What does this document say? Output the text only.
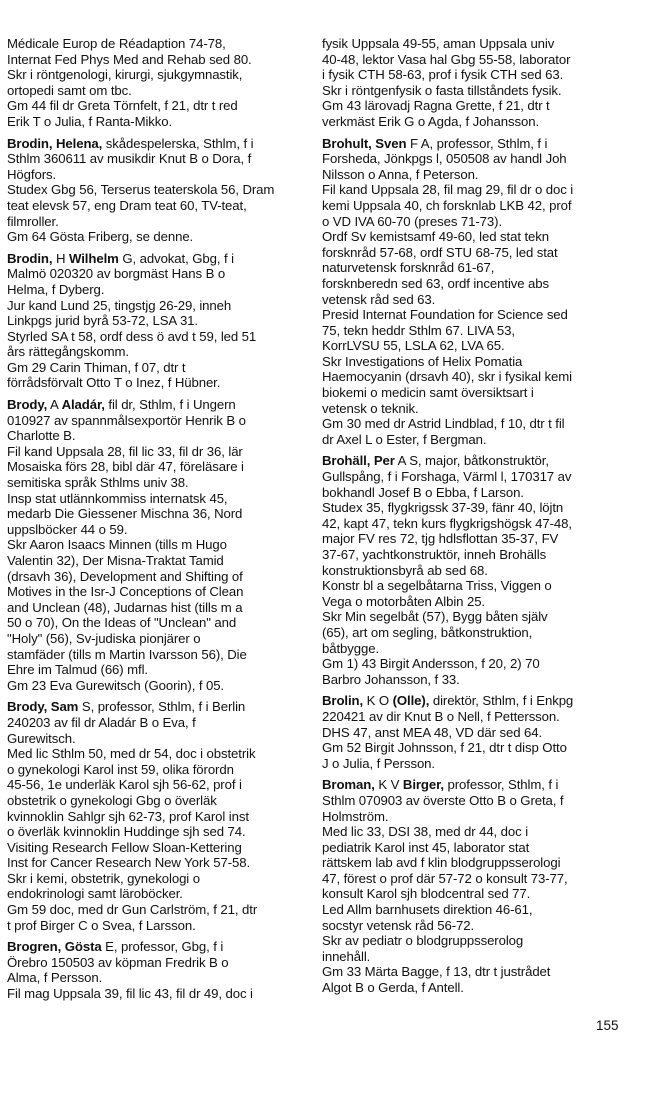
Médicale Europ de Réadaption 74-78,
Internat Fed Phys Med and Rehab sed 80.
Skr i röntgenologi, kirurgi, sjukgymnastik,
ortopedi samt om tbc.
Gm 44 fil dr Greta Törnfelt, f 21, dtr t red
Erik T o Julia, f Ranta-Mikko.
Brodin, Helena, skådespelerska, Sthlm, f i
Sthlm 360611 av musikdir Knut B o Dora, f
Högfors.
Studex Gbg 56, Terserus teaterskola 56, Dram
teat elevsk 57, eng Dram teat 60, TV-teat,
filmroller.
Gm 64 Gösta Friberg, se denne.
Brodin, H Wilhelm G, advokat, Gbg, f i
Malmö 020320 av borgmäst Hans B o
Helma, f Dyberg.
Jur kand Lund 25, tingstjg 26-29, inneh
Linkpgs jurid byrå 53-72, LSA 31.
Styrled SA t 58, ordf dess ö avd t 59, led 51
års rättegångskomm.
Gm 29 Carin Thiman, f 07, dtr t
förrådsförvalt Otto T o Inez, f Hübner.
Brody, A Aladár, fil dr, Sthlm, f i Ungern
010927 av spannmålsexportör Henrik B o
Charlotte B.
Fil kand Uppsala 28, fil lic 33, fil dr 36, lär
Mosaiska förs 28, bibl där 47, föreläsare i
semitiska språk Sthlms univ 38.
Insp stat utlännkommiss internatsk 45,
medarb Die Giessener Mischna 36, Nord
uppslböcker 44 o 59.
Skr Aaron Isaacs Minnen (tills m Hugo
Valentin 32), Der Misna-Traktat Tamid
(drsavh 36), Development and Shifting of
Motives in the Isr-J Conceptions of Clean
and Unclean (48), Judarnas hist (tills m a
50 o 70), On the Ideas of "Unclean" and
"Holy" (56), Sv-judiska pionjärer o
stamfäder (tills m Martin Ivarsson 56), Die
Ehre im Talmud (66) mfl.
Gm 23 Eva Gurewitsch (Goorin), f 05.
Brody, Sam S, professor, Sthlm, f i Berlin
240203 av fil dr Aladár B o Eva, f
Gurewitsch.
Med lic Sthlm 50, med dr 54, doc i obstetrik
o gynekologi Karol inst 59, olika förordn
45-56, 1e underläk Karol sjh 56-62, prof i
obstetrik o gynekologi Gbg o överläk
kvinnoklin Sahlgr sjh 62-73, prof Karol inst
o överläk kvinnoklin Huddinge sjh sed 74.
Visiting Research Fellow Sloan-Kettering
Inst for Cancer Research New York 57-58.
Skr i kemi, obstetrik, gynekologi o
endokrinologi samt läroböcker.
Gm 59 doc, med dr Gun Carlström, f 21, dtr
t prof Birger C o Svea, f Larsson.
Brogren, Gösta E, professor, Gbg, f i
Örebro 150503 av köpman Fredrik B o
Alma, f Persson.
Fil mag Uppsala 39, fil lic 43, fil dr 49, doc i
fysik Uppsala 49-55, aman Uppsala univ
40-48, lektor Vasa hal Gbg 55-58, laborator
i fysik CTH 58-63, prof i fysik CTH sed 63.
Skr i röntgenfysik o fasta tillståndets fysik.
Gm 43 lärovadj Ragna Grette, f 21, dtr t
verkmäst Erik G o Agda, f Johansson.
Brohult, Sven F A, professor, Sthlm, f i
Forsheda, Jönkpgs l, 050508 av handl Joh
Nilsson o Anna, f Peterson.
Fil kand Uppsala 28, fil mag 29, fil dr o doc i
kemi Uppsala 40, ch forsknlab LKB 42, prof
o VD IVA 60-70 (preses 71-73).
Ordf Sv kemistsamf 49-60, led stat tekn
forsknråd 57-68, ordf STU 68-75, led stat
naturvetensk forsknråd 61-67,
forsknberedn sed 63, ordf incentive abs
vetensk råd sed 63.
Presid Internat Foundation for Science sed
75, tekn heddr Sthlm 67. LIVA 53,
KorrLVSU 55, LSLA 62, LVA 65.
Skr Investigations of Helix Pomatia
Haemocyanin (drsavh 40), skr i fysikal kemi
biokemi o medicin samt översiktsart i
vetensk o teknik.
Gm 30 med dr Astrid Lindblad, f 10, dtr t fil
dr Axel L o Ester, f Bergman.
Brohäll, Per A S, major, båtkonstruktör,
Gullspång, f i Forshaga, Värml l, 170317 av
bokhandl Josef B o Ebba, f Larson.
Studex 35, flygkrigssk 37-39, fänr 40, löjtn
42, kapt 47, tekn kurs flygkrigshögsk 47-48,
major FV res 72, tjg hdlsflottan 35-37, FV
37-67, yachtkonstruktör, inneh Brohälls
konstruktionsbyrå ab sed 68.
Konstr bl a segelbåtarna Triss, Viggen o
Vega o motorbåten Albin 25.
Skr Min segelbåt (57), Bygg båten själv
(65), art om segling, båtkonstruktion,
båtbygge.
Gm 1) 43 Birgit Andersson, f 20, 2) 70
Barbro Johansson, f 33.
Brolin, K O (Olle), direktör, Sthlm, f i Enkpg
220421 av dir Knut B o Nell, f Pettersson.
DHS 47, anst MEA 48, VD där sed 64.
Gm 52 Birgit Johnsson, f 21, dtr t disp Otto
J o Julia, f Persson.
Broman, K V Birger, professor, Sthlm, f i
Sthlm 070903 av överste Otto B o Greta, f
Holmström.
Med lic 33, DSI 38, med dr 44, doc i
pediatrik Karol inst 45, laborator stat
rättskem lab avd f klin blodgruppsserologi
47, förest o prof där 57-72 o konsult 73-77,
konsult Karol sjh blodcentral sed 77.
Led Allm barnhusets direktion 46-61,
socstyr vetensk råd 56-72.
Skr av pediatr o blodgruppsserolog
innehåll.
Gm 33 Märta Bagge, f 13, dtr t justrådet
Algot B o Gerda, f Antell.
155
